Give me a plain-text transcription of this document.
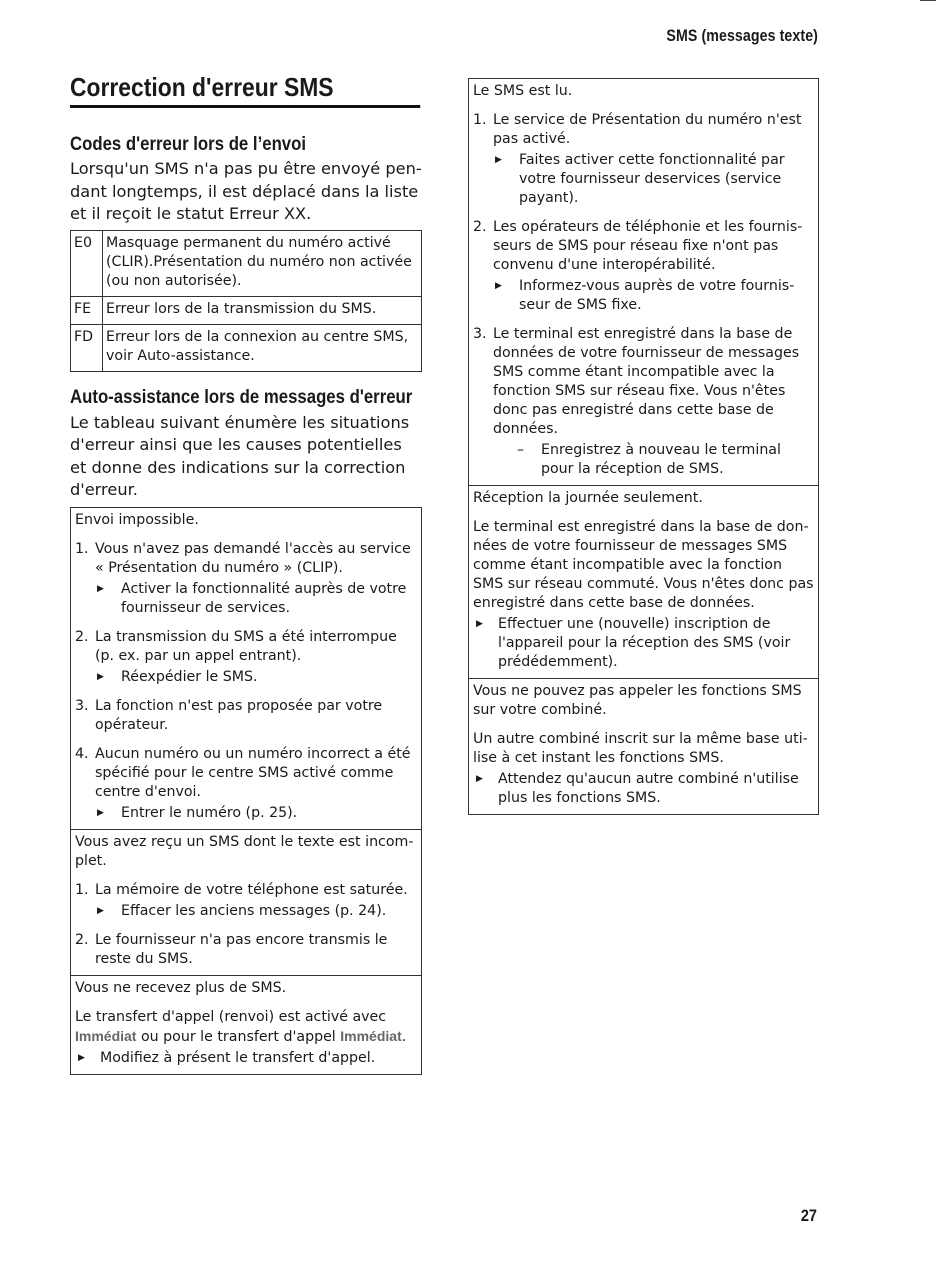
SMS (messages texte)
Correction d'erreur SMS
Codes d'erreur lors de l’envoi

Lorsqu'un SMS n'a pas pu être envoyé pen-dant longtemps, il est déplacé dans la liste et il reçoit le statut Erreur XX.

E0	Masquage permanent du numéro activé (CLIR).Présentation du numéro non activée (ou non autorisée).
FE	Erreur lors de la transmission du SMS.
FD	Erreur lors de la connexion au centre SMS, voir Auto-assistance.
Auto-assistance lors de messages d'erreur

Le tableau suivant énumère les situations d'erreur ainsi que les causes potentielles et donne des indications sur la correction d'erreur.

Envoi impossible.

1. Vous n'avez pas demandé l'accès au service « Présentation du numéro » (CLIP).
▶	Activer la fonctionnalité auprès de votre fournisseur de services.
2. La transmission du SMS a été interrompue (p. ex. par un appel entrant).
▶	Réexpédier le SMS.
3. La fonction n'est pas proposée par votre opérateur.
4. Aucun numéro ou un numéro incorrect a été spécifié pour le centre SMS activé comme centre d'envoi.
▶	Entrer le numéro (p. 25).

Vous avez reçu un SMS dont le texte est incom-plet.

1. La mémoire de votre téléphone est saturée.
▶	Effacer les anciens messages (p. 24).
2. Le fournisseur n'a pas encore transmis le reste du SMS.

Vous ne recevez plus de SMS.

Le transfert d'appel (renvoi) est activé avec Immédiat ou pour le transfert d'appel Immédiat.

▶	Modifiez à présent le transfert d'appel.

Le SMS est lu.

1. Le service de Présentation du numéro n'est pas activé.
▶	Faites activer cette fonctionnalité par votre fournisseur deservices (service payant).
2. Les opérateurs de téléphonie et les fournis-seurs de SMS pour réseau fixe n'ont pas convenu d'une interopérabilité.
▶	Informez-vous auprès de votre fournis-seur de SMS fixe.
3. Le terminal est enregistré dans la base de données de votre fournisseur de messages SMS comme étant incompatible avec la fonction SMS sur réseau fixe. Vous n'êtes donc pas enregistré dans cette base de données.
–	Enregistrez à nouveau le terminal pour la réception de SMS.

Réception la journée seulement.

Le terminal est enregistré dans la base de don-nées de votre fournisseur de messages SMS comme étant incompatible avec la fonction SMS sur réseau commuté. Vous n'êtes donc pas enregistré dans cette base de données.

▶	Effectuer une (nouvelle) inscription de l'appareil pour la réception des SMS (voir prédédemment).

Vous ne pouvez pas appeler les fonctions SMS sur votre combiné.

Un autre combiné inscrit sur la même base uti-lise à cet instant les fonctions SMS.

▶	Attendez qu'aucun autre combiné n'utilise plus les fonctions SMS.
27
